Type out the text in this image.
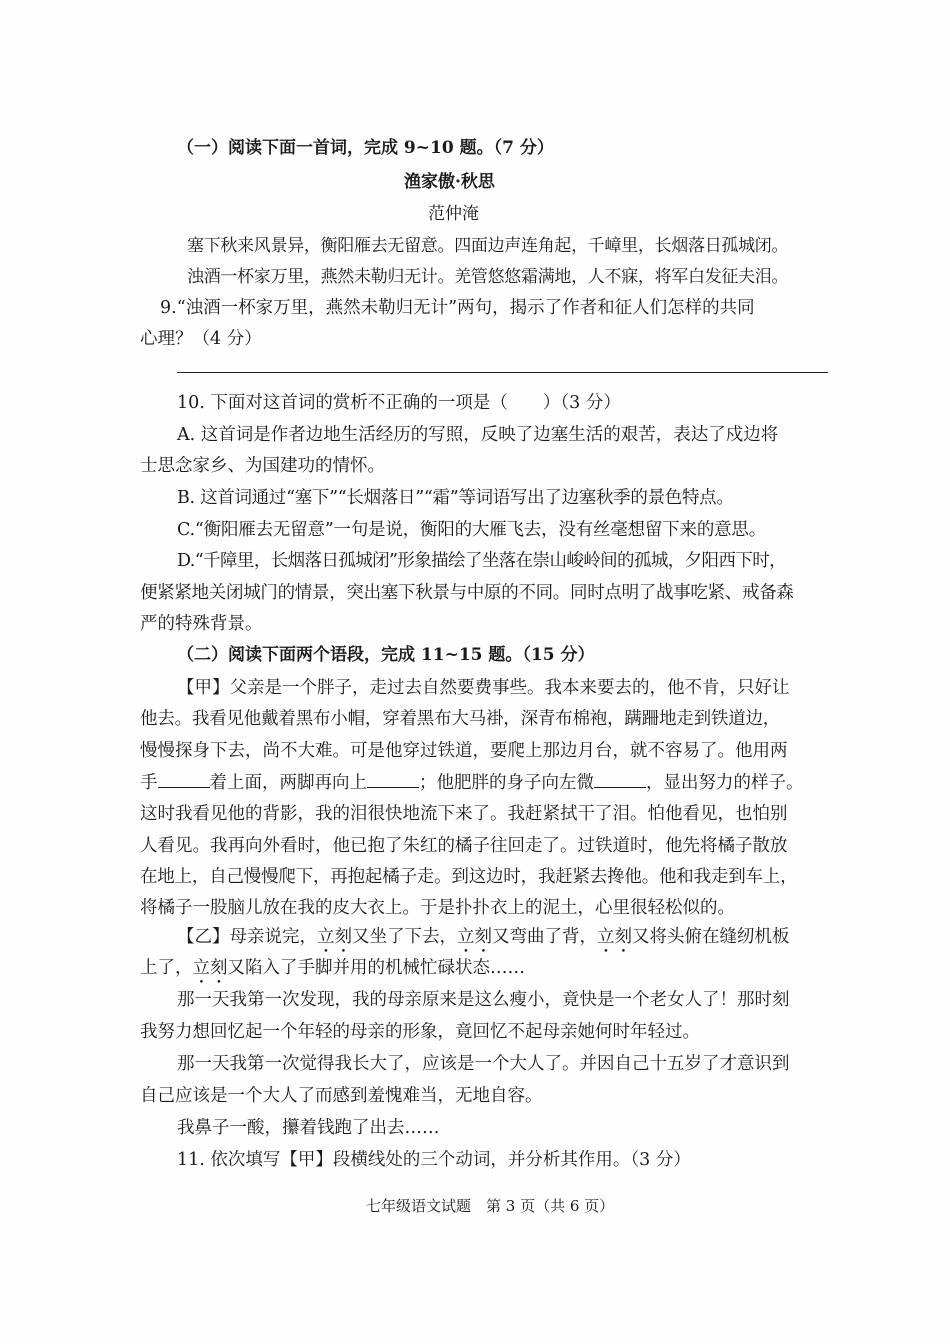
（一）阅读下面一首词，完成 9~10 题。（7 分）
渔家傲·秋思
范仲淹
塞下秋来风景异，衡阳雁去无留意。四面边声连角起，千嶂里，长烟落日孤城闭。
浊酒一杯家万里，燕然未勒归无计。羌管悠悠霜满地，人不寐，将军白发征夫泪。
9.“浊酒一杯家万里，燕然未勒归无计”两句，揭示了作者和征人们怎样的共同
心理？（4 分）
10. 下面对这首词的赏析不正确的一项是（　　）（3 分）
A. 这首词是作者边地生活经历的写照，反映了边塞生活的艰苦，表达了戍边将
士思念家乡、为国建功的情怀。
B. 这首词通过“塞下”“长烟落日”“霜”等词语写出了边塞秋季的景色特点。
C.“衡阳雁去无留意”一句是说，衡阳的大雁飞去，没有丝毫想留下来的意思。
D.“千障里，长烟落日孤城闭”形象描绘了坐落在崇山峻岭间的孤城，夕阳西下时，
便紧紧地关闭城门的情景，突出塞下秋景与中原的不同。同时点明了战事吃紧、戒备森
严的特殊背景。
（二）阅读下面两个语段，完成 11~15 题。（15 分）
【甲】父亲是一个胖子，走过去自然要费事些。我本来要去的，他不肯，只好让
他去。我看见他戴着黑布小帽，穿着黑布大马褂，深青布棉袍，蹒跚地走到铁道边，
慢慢探身下去，尚不大难。可是他穿过铁道，要爬上那边月台，就不容易了。他用两
手	着上面，两脚再向上	；他肥胖的身子向左微	，显出努力的样子。
这时我看见他的背影，我的泪很快地流下来了。我赶紧拭干了泪。怕他看见，也怕别
人看见。我再向外看时，他已抱了朱红的橘子往回走了。过铁道时，他先将橘子散放
在地上，自己慢慢爬下，再抱起橘子走。到这边时，我赶紧去搀他。他和我走到车上，
将橘子一股脑儿放在我的皮大衣上。于是扑扑衣上的泥土，心里很轻松似的。
【乙】母亲说完，立刻又坐了下去，立刻又弯曲了背，立刻又将头俯在缝纫机板
上了，立刻又陷入了手脚并用的机械忙碌状态……
那一天我第一次发现，我的母亲原来是这么瘦小，竟快是一个老女人了！那时刻
我努力想回忆起一个年轻的母亲的形象，竟回忆不起母亲她何时年轻过。
那一天我第一次觉得我长大了，应该是一个大人了。并因自己十五岁了才意识到
自己应该是一个大人了而感到羞愧难当，无地自容。
我鼻子一酸，攥着钱跑了出去……
11. 依次填写【甲】段横线处的三个动词，并分析其作用。（3 分）
七年级语文试题　第 3 页（共 6 页）
